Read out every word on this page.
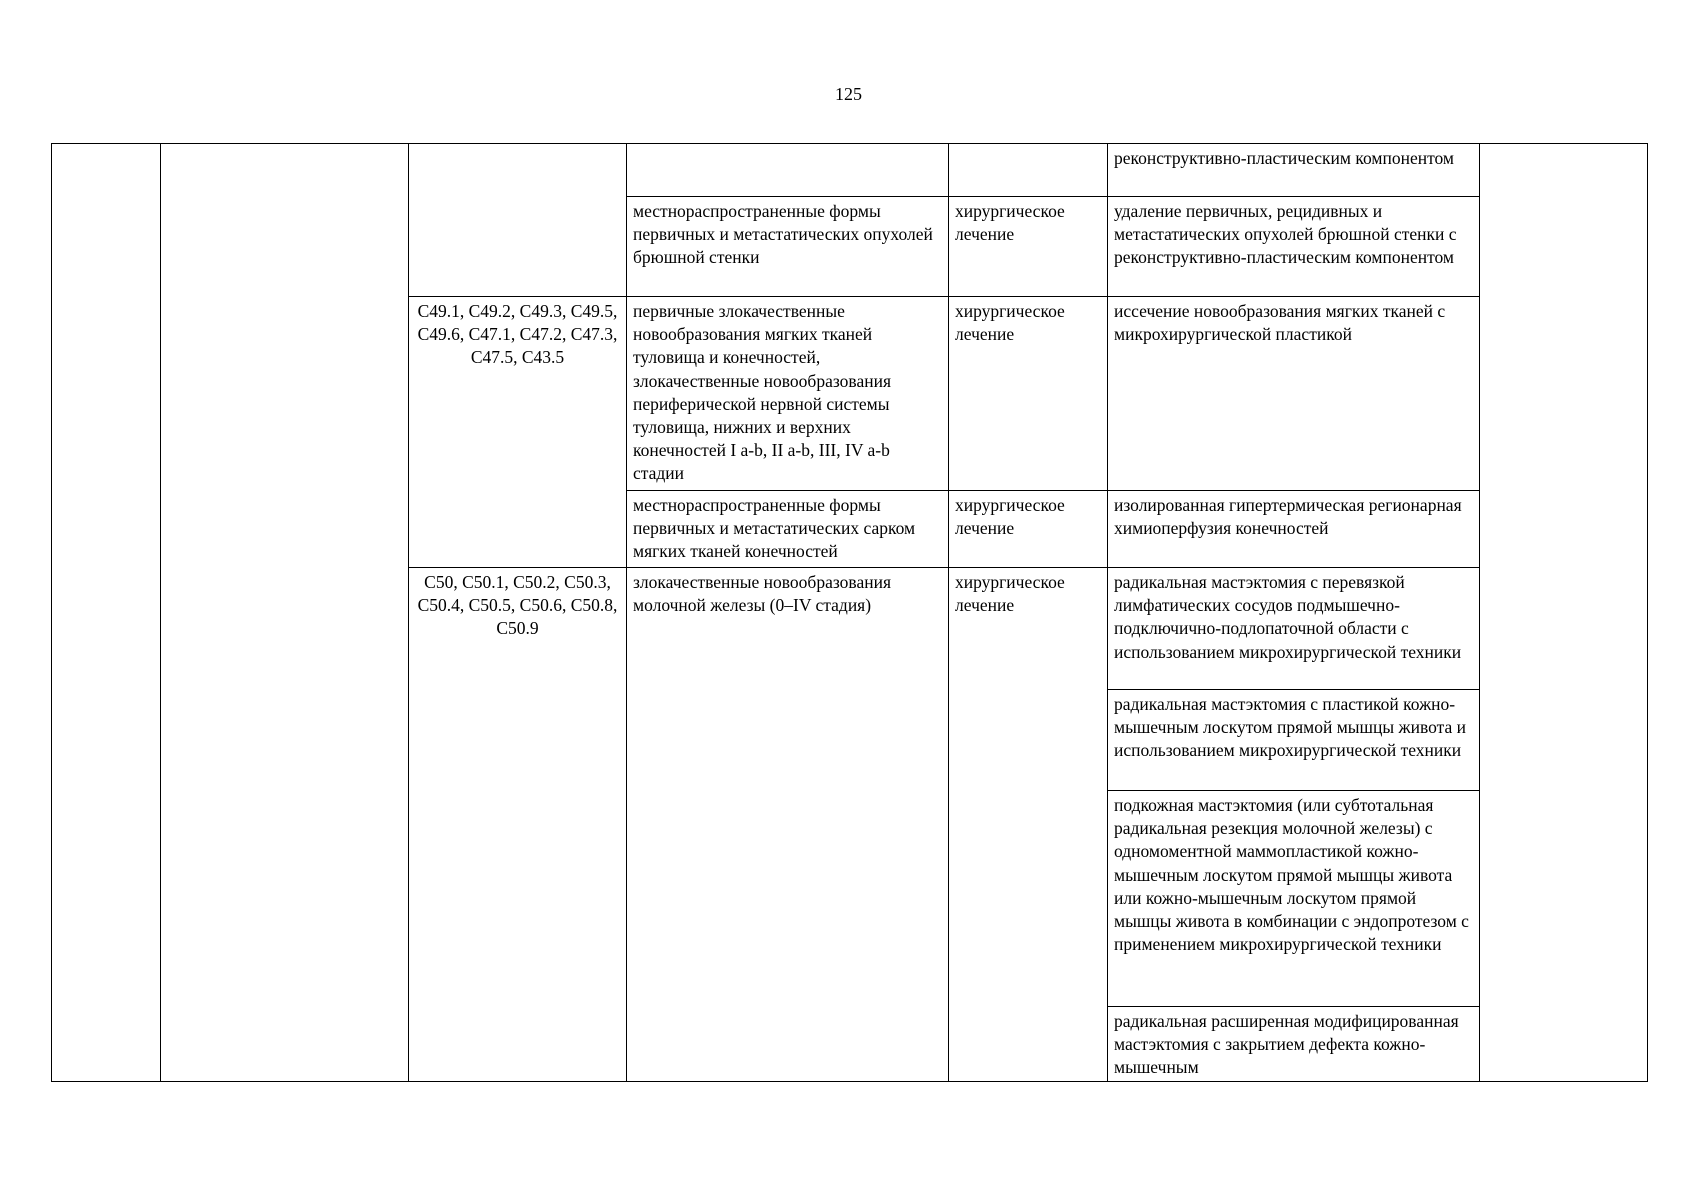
125
					реконструктивно-пластическим компонентом	
			местнораспространенные формы первичных и метастатических опухолей брюшной стенки	хирургическое лечение	удаление первичных, рецидивных и метастатических опухолей брюшной стенки с реконструктивно-пластическим компонентом	
		C49.1, C49.2, C49.3, C49.5, C49.6, C47.1, C47.2, C47.3, C47.5, C43.5	первичные злокачественные новообразования мягких тканей туловища и конечностей, злокачественные новообразования периферической нервной системы туловища, нижних и верхних конечностей I a-b, II a-b, III, IV a-b стадии	хирургическое лечение	иссечение новообразования мягких тканей с микрохирургической пластикой	
			местнораспространенные формы первичных и метастатических сарком мягких тканей конечностей	хирургическое лечение	изолированная гипертермическая регионарная химиоперфузия конечностей	
		C50, C50.1, C50.2, C50.3, C50.4, C50.5, C50.6, C50.8, C50.9	злокачественные новообразования молочной железы (0–IV стадия)	хирургическое лечение	радикальная мастэктомия с перевязкой лимфатических сосудов подмышечно-подключично-подлопаточной области с использованием микрохирургической техники	
					радикальная мастэктомия с пластикой кожно-мышечным лоскутом прямой мышцы живота и использованием микрохирургической техники	
					подкожная мастэктомия (или субтотальная радикальная резекция молочной железы) с одномоментной маммопластикой кожно-мышечным лоскутом прямой мышцы живота или кожно-мышечным лоскутом прямой мышцы живота в комбинации с эндопротезом с применением микрохирургической техники	
					радикальная расширенная модифицированная мастэктомия с закрытием дефекта кожно-мышечным	
